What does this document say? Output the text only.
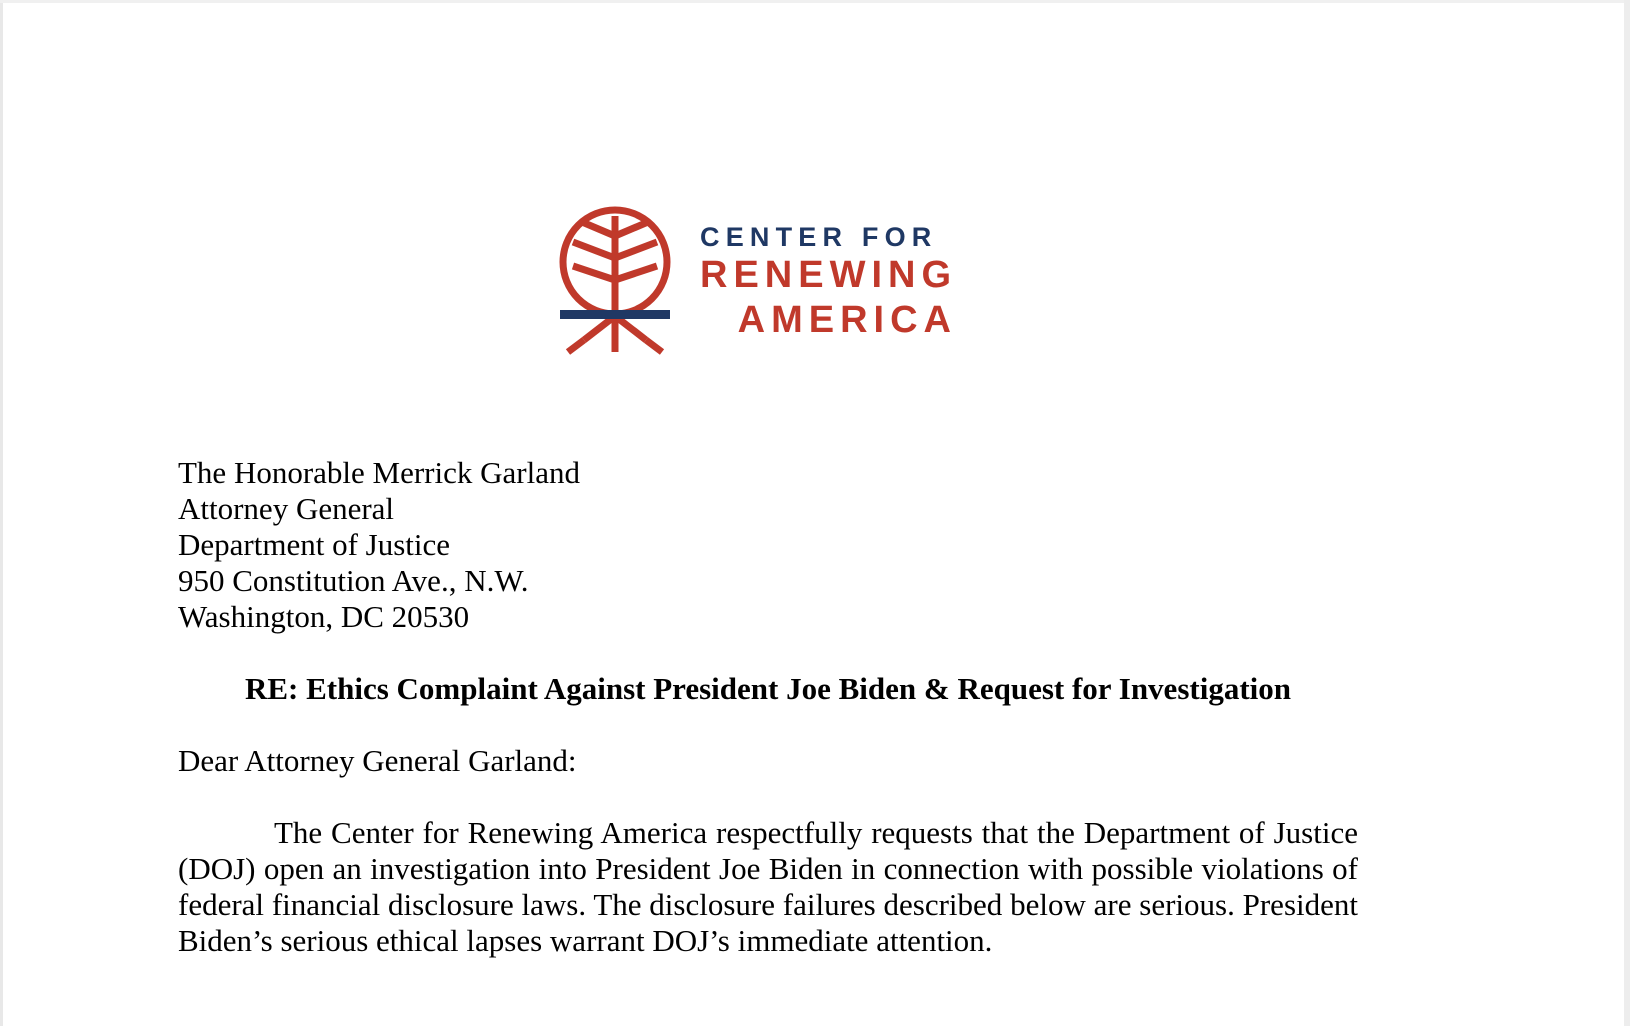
CENTER FOR
RENEWING
AMERICA
The Honorable Merrick Garland
Attorney General
Department of Justice
950 Constitution Ave., N.W.
Washington, DC 20530
RE: Ethics Complaint Against President Joe Biden & Request for Investigation
Dear Attorney General Garland:
The Center for Renewing America respectfully requests that the Department of Justice (DOJ) open an investigation into President Joe Biden in connection with possible violations of federal financial disclosure laws. The disclosure failures described below are serious. President Biden’s serious ethical lapses warrant DOJ’s immediate attention.
